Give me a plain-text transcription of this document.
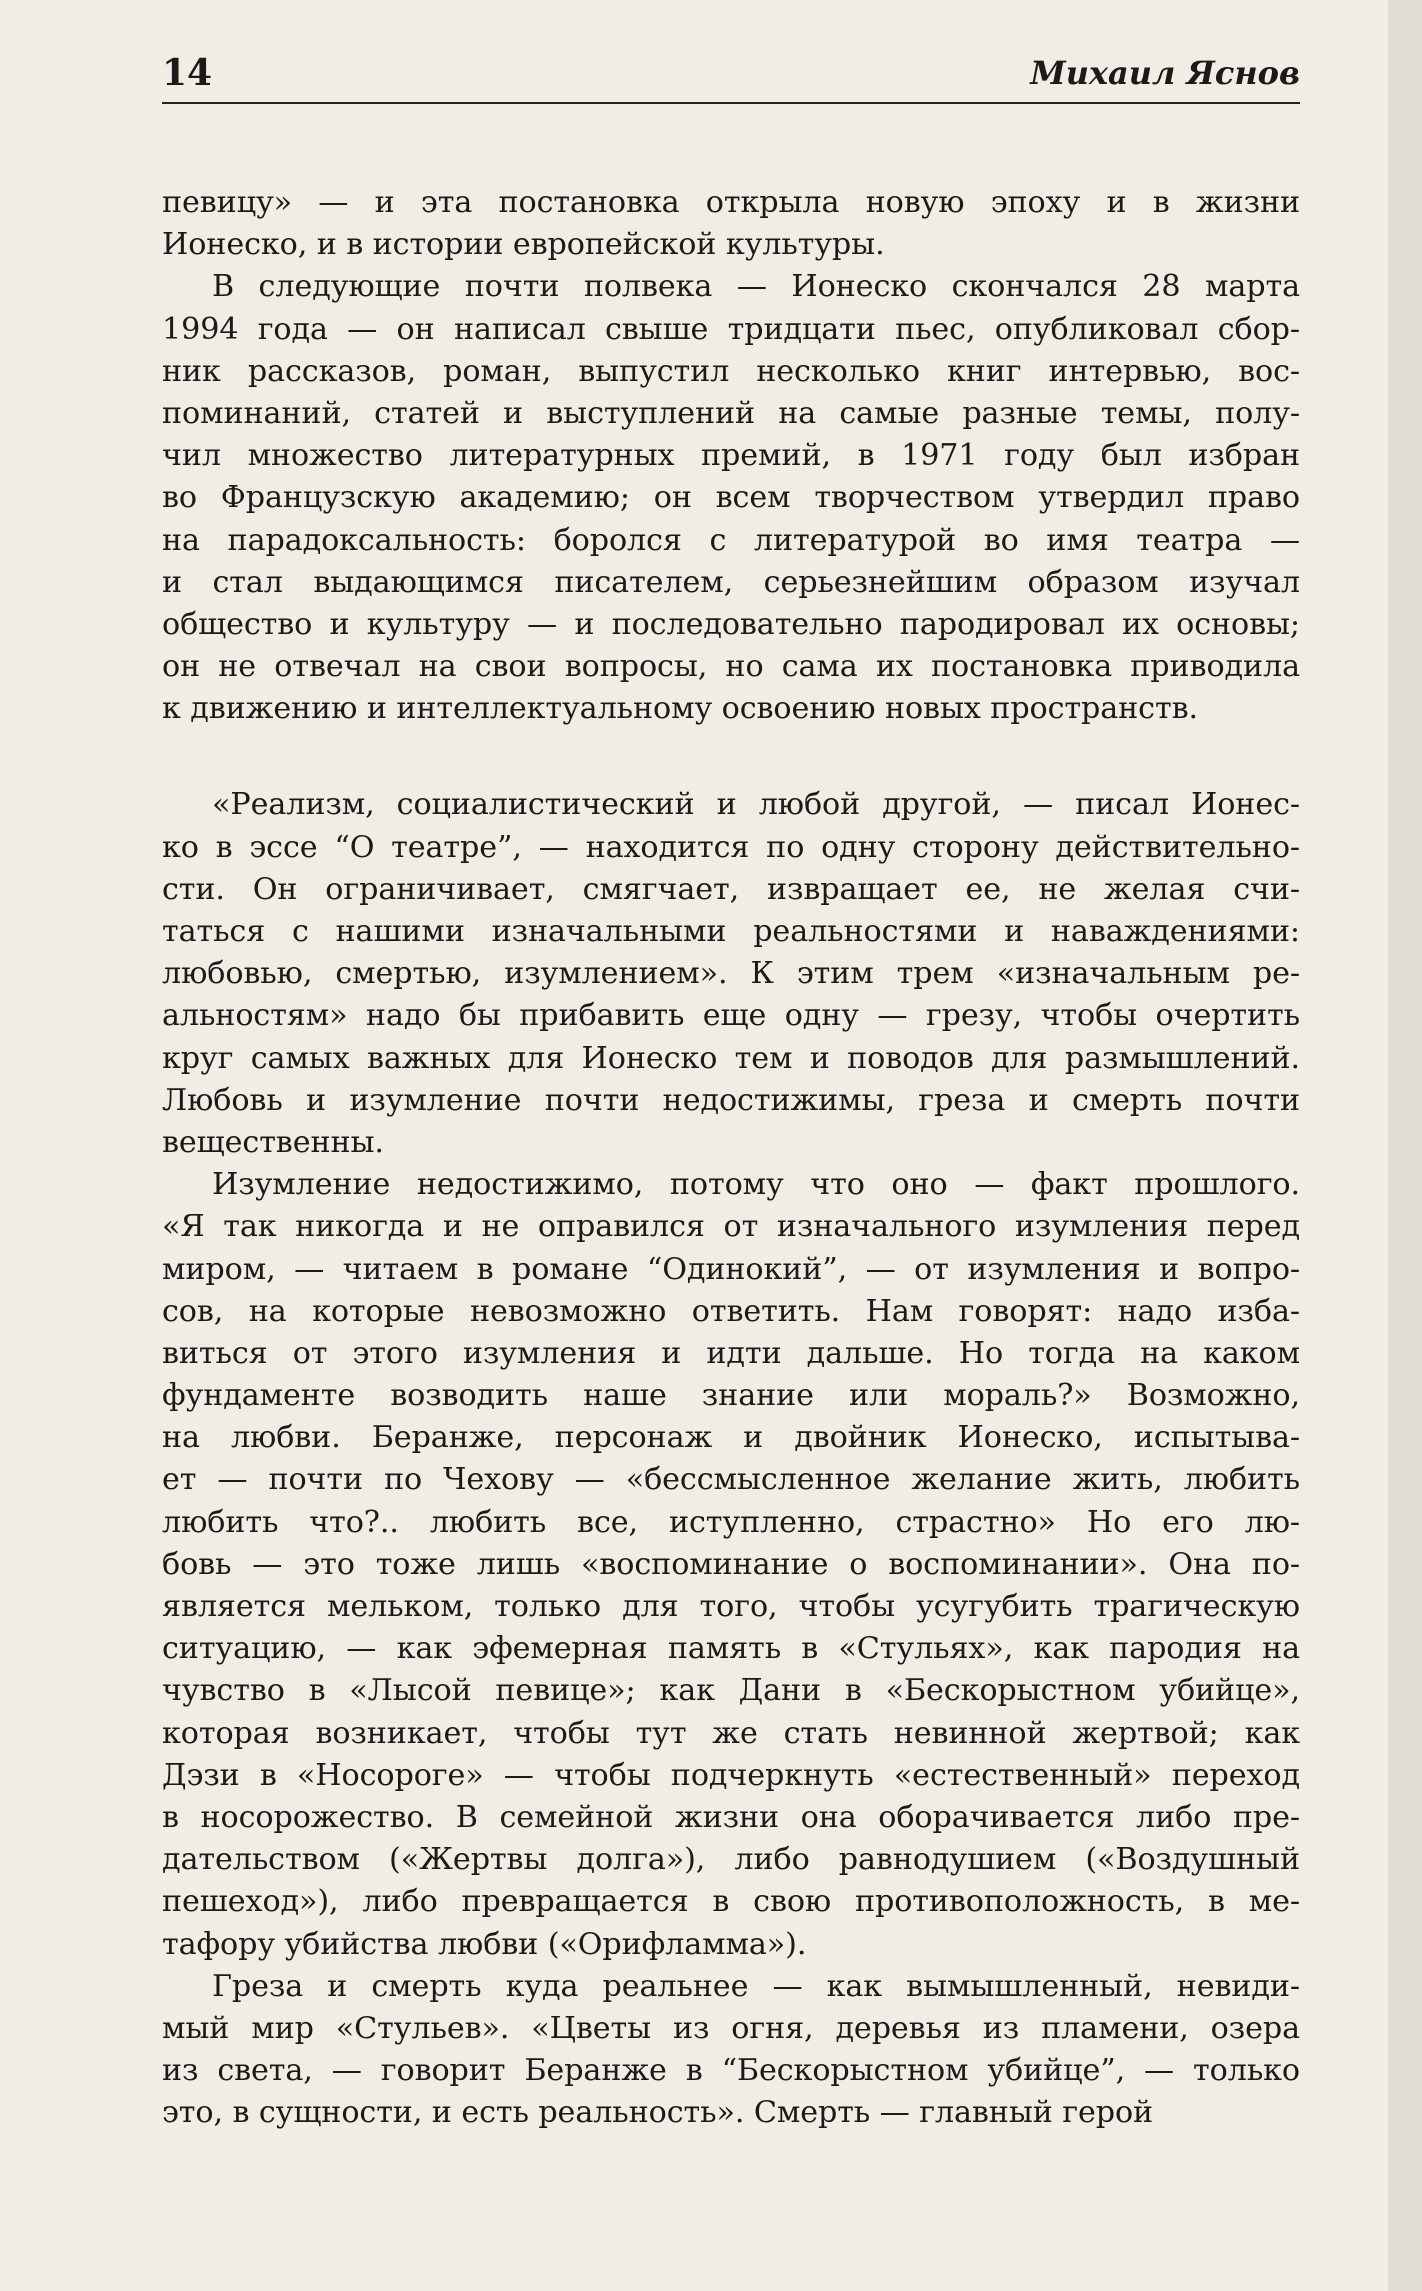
14	Михаил Яснов

певицу» — и эта постановка открыла новую эпоху и в жизни
Ионеско, и в истории европейской культуры.
В следующие почти полвека — Ионеско скончался 28 марта
1994 года — он написал свыше тридцати пьес, опубликовал сбор-
ник рассказов, роман, выпустил несколько книг интервью, вос-
поминаний, статей и выступлений на самые разные темы, полу-
чил множество литературных премий, в 1971 году был избран
во Французскую академию; он всем творчеством утвердил право
на парадоксальность: боролся с литературой во имя театра —
и стал выдающимся писателем, серьезнейшим образом изучал
общество и культуру — и последовательно пародировал их основы;
он не отвечал на свои вопросы, но сама их постановка приводила
к движению и интеллектуальному освоению новых пространств.
«Реализм, социалистический и любой другой, — писал Ионес-
ко в эссе “О театре”, — находится по одну сторону действительно-
сти. Он ограничивает, смягчает, извращает ее, не желая счи-
таться с нашими изначальными реальностями и наваждениями:
любовью, смертью, изумлением». К этим трем «изначальным ре-
альностям» надо бы прибавить еще одну — грезу, чтобы очертить
круг самых важных для Ионеско тем и поводов для размышлений.
Любовь и изумление почти недостижимы, греза и смерть почти
вещественны.
Изумление недостижимо, потому что оно — факт прошлого.
«Я так никогда и не оправился от изначального изумления перед
миром, — читаем в романе “Одинокий”, — от изумления и вопро-
сов, на которые невозможно ответить. Нам говорят: надо изба-
виться от этого изумления и идти дальше. Но тогда на каком
фундаменте возводить наше знание или мораль?» Возможно,
на любви. Беранже, персонаж и двойник Ионеско, испытыва-
ет — почти по Чехову — «бессмысленное желание жить, любить
любить что?.. любить все, иступленно, страстно» Но его лю-
бовь — это тоже лишь «воспоминание о воспоминании». Она по-
является мельком, только для того, чтобы усугубить трагическую
ситуацию, — как эфемерная память в «Стульях», как пародия на
чувство в «Лысой певице»; как Дани в «Бескорыстном убийце»,
которая возникает, чтобы тут же стать невинной жертвой; как
Дэзи в «Носороге» — чтобы подчеркнуть «естественный» переход
в носорожество. В семейной жизни она оборачивается либо пре-
дательством («Жертвы долга»), либо равнодушием («Воздушный
пешеход»), либо превращается в свою противоположность, в ме-
тафору убийства любви («Орифламма»).
Греза и смерть куда реальнее — как вымышленный, невиди-
мый мир «Стульев». «Цветы из огня, деревья из пламени, озера
из света, — говорит Беранже в “Бескорыстном убийце”, — только
это, в сущности, и есть реальность». Смерть — главный герой
